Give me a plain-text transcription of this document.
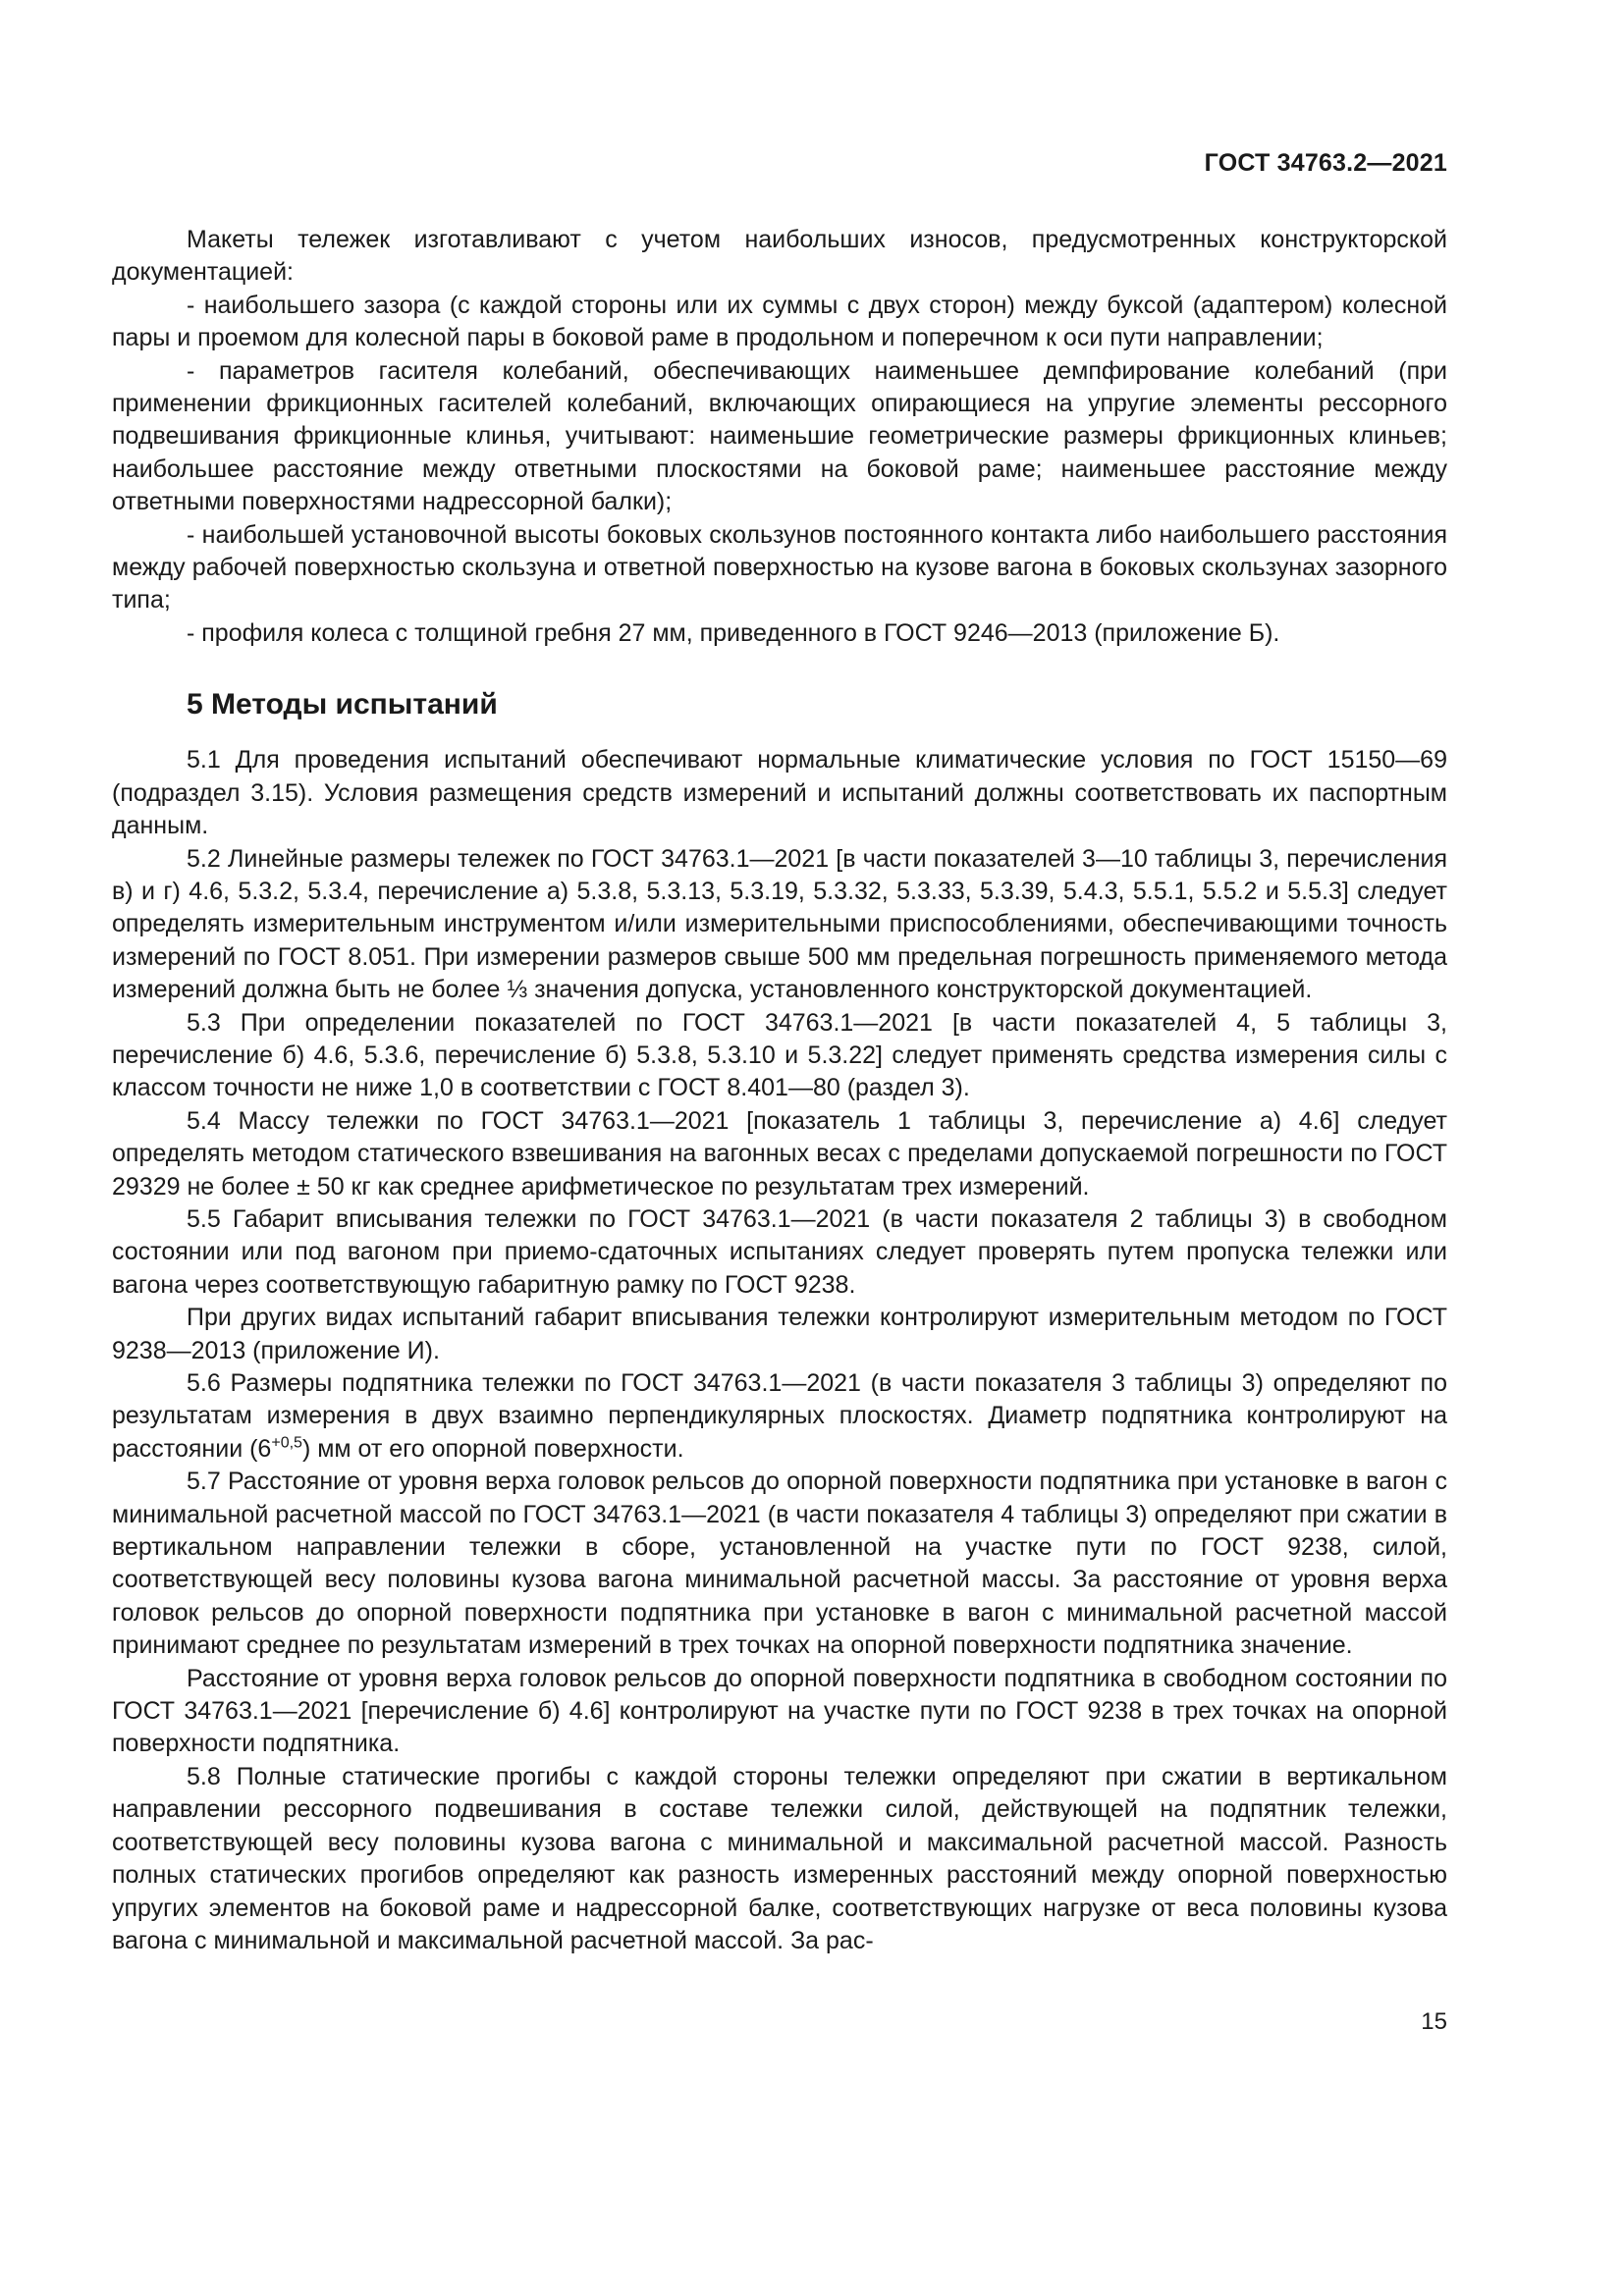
ГОСТ 34763.2—2021

Макеты тележек изготавливают с учетом наибольших износов, предусмотренных конструкторской документацией:

- наибольшего зазора (с каждой стороны или их суммы с двух сторон) между буксой (адаптером) колесной пары и проемом для колесной пары в боковой раме в продольном и поперечном к оси пути направлении;

- параметров гасителя колебаний, обеспечивающих наименьшее демпфирование колебаний (при применении фрикционных гасителей колебаний, включающих опирающиеся на упругие элементы рессорного подвешивания фрикционные клинья, учитывают: наименьшие геометрические размеры фрикционных клиньев; наибольшее расстояние между ответными плоскостями на боковой раме; наименьшее расстояние между ответными поверхностями надрессорной балки);

- наибольшей установочной высоты боковых скользунов постоянного контакта либо наибольшего расстояния между рабочей поверхностью скользуна и ответной поверхностью на кузове вагона в боковых скользунах зазорного типа;

- профиля колеса с толщиной гребня 27 мм, приведенного в ГОСТ 9246—2013 (приложение Б).

5 Методы испытаний

5.1 Для проведения испытаний обеспечивают нормальные климатические условия по ГОСТ 15150—69 (подраздел 3.15). Условия размещения средств измерений и испытаний должны соответствовать их паспортным данным.

5.2 Линейные размеры тележек по ГОСТ 34763.1—2021 [в части показателей 3—10 таблицы 3, перечисления в) и г) 4.6, 5.3.2, 5.3.4, перечисление а) 5.3.8, 5.3.13, 5.3.19, 5.3.32, 5.3.33, 5.3.39, 5.4.3, 5.5.1, 5.5.2 и 5.5.3] следует определять измерительным инструментом и/или измерительными приспособлениями, обеспечивающими точность измерений по ГОСТ 8.051. При измерении размеров свыше 500 мм предельная погрешность применяемого метода измерений должна быть не более ⅓ значения допуска, установленного конструкторской документацией.

5.3 При определении показателей по ГОСТ 34763.1—2021 [в части показателей 4, 5 таблицы 3, перечисление б) 4.6, 5.3.6, перечисление б) 5.3.8, 5.3.10 и 5.3.22] следует применять средства измерения силы с классом точности не ниже 1,0 в соответствии с ГОСТ 8.401—80 (раздел 3).

5.4 Массу тележки по ГОСТ 34763.1—2021 [показатель 1 таблицы 3, перечисление а) 4.6] следует определять методом статического взвешивания на вагонных весах с пределами допускаемой погрешности по ГОСТ 29329 не более ± 50 кг как среднее арифметическое по результатам трех измерений.

5.5 Габарит вписывания тележки по ГОСТ 34763.1—2021 (в части показателя 2 таблицы 3) в свободном состоянии или под вагоном при приемо-сдаточных испытаниях следует проверять путем пропуска тележки или вагона через соответствующую габаритную рамку по ГОСТ 9238.

При других видах испытаний габарит вписывания тележки контролируют измерительным методом по ГОСТ 9238—2013 (приложение И).

5.6 Размеры подпятника тележки по ГОСТ 34763.1—2021 (в части показателя 3 таблицы 3) определяют по результатам измерения в двух взаимно перпендикулярных плоскостях. Диаметр подпятника контролируют на расстоянии $(6^{+0,5})$ мм от его опорной поверхности.

5.7 Расстояние от уровня верха головок рельсов до опорной поверхности подпятника при установке в вагон с минимальной расчетной массой по ГОСТ 34763.1—2021 (в части показателя 4 таблицы 3) определяют при сжатии в вертикальном направлении тележки в сборе, установленной на участке пути по ГОСТ 9238, силой, соответствующей весу половины кузова вагона минимальной расчетной массы. За расстояние от уровня верха головок рельсов до опорной поверхности подпятника при установке в вагон с минимальной расчетной массой принимают среднее по результатам измерений в трех точках на опорной поверхности подпятника значение.

Расстояние от уровня верха головок рельсов до опорной поверхности подпятника в свободном состоянии по ГОСТ 34763.1—2021 [перечисление б) 4.6] контролируют на участке пути по ГОСТ 9238 в трех точках на опорной поверхности подпятника.

5.8 Полные статические прогибы с каждой стороны тележки определяют при сжатии в вертикальном направлении рессорного подвешивания в составе тележки силой, действующей на подпятник тележки, соответствующей весу половины кузова вагона с минимальной и максимальной расчетной массой. Разность полных статических прогибов определяют как разность измеренных расстояний между опорной поверхностью упругих элементов на боковой раме и надрессорной балке, соответствующих нагрузке от веса половины кузова вагона с минимальной и максимальной расчетной массой. За рас-

15
